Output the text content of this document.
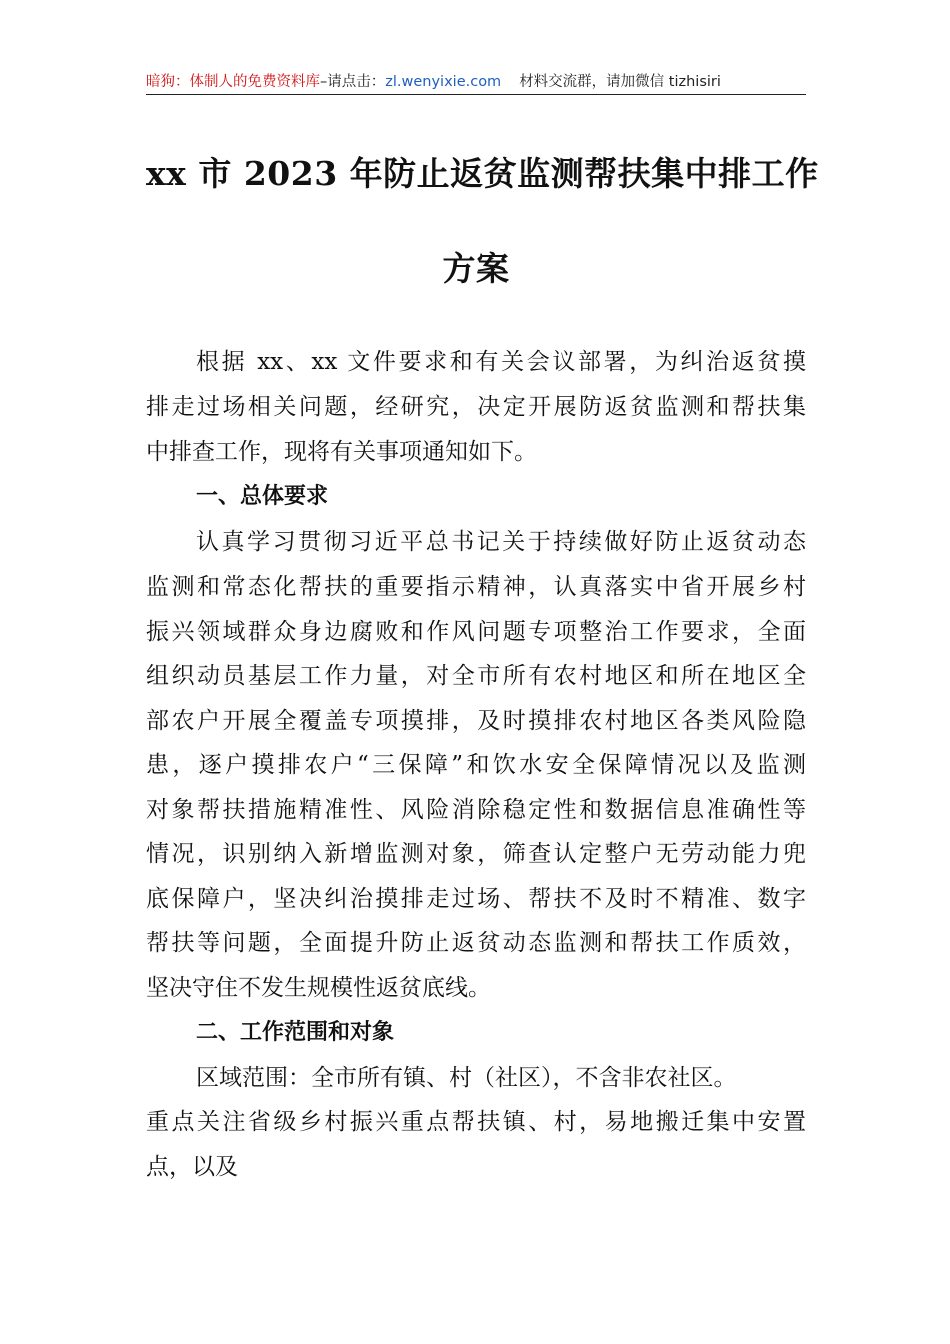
暗狗：体制人的免费资料库–请点击：zl.wenyixie.com 材料交流群，请加微信 tizhisiri
xx 市 2023 年防止返贫监测帮扶集中排工作
方案
根据 xx、xx 文件要求和有关会议部署，为纠治返贫摸
排走过场相关问题，经研究，决定开展防返贫监测和帮扶集
中排查工作，现将有关事项通知如下。
一、总体要求
认真学习贯彻习近平总书记关于持续做好防止返贫动态
监测和常态化帮扶的重要指示精神，认真落实中省开展乡村
振兴领域群众身边腐败和作风问题专项整治工作要求，全面
组织动员基层工作力量，对全市所有农村地区和所在地区全
部农户开展全覆盖专项摸排，及时摸排农村地区各类风险隐
患，逐户摸排农户“三保障”和饮水安全保障情况以及监测
对象帮扶措施精准性、风险消除稳定性和数据信息准确性等
情况，识别纳入新增监测对象，筛查认定整户无劳动能力兜
底保障户，坚决纠治摸排走过场、帮扶不及时不精准、数字
帮扶等问题，全面提升防止返贫动态监测和帮扶工作质效，
坚决守住不发生规模性返贫底线。
二、工作范围和对象
区域范围：全市所有镇、村（社区），不含非农社区。
重点关注省级乡村振兴重点帮扶镇、村，易地搬迁集中安置
点，以及
